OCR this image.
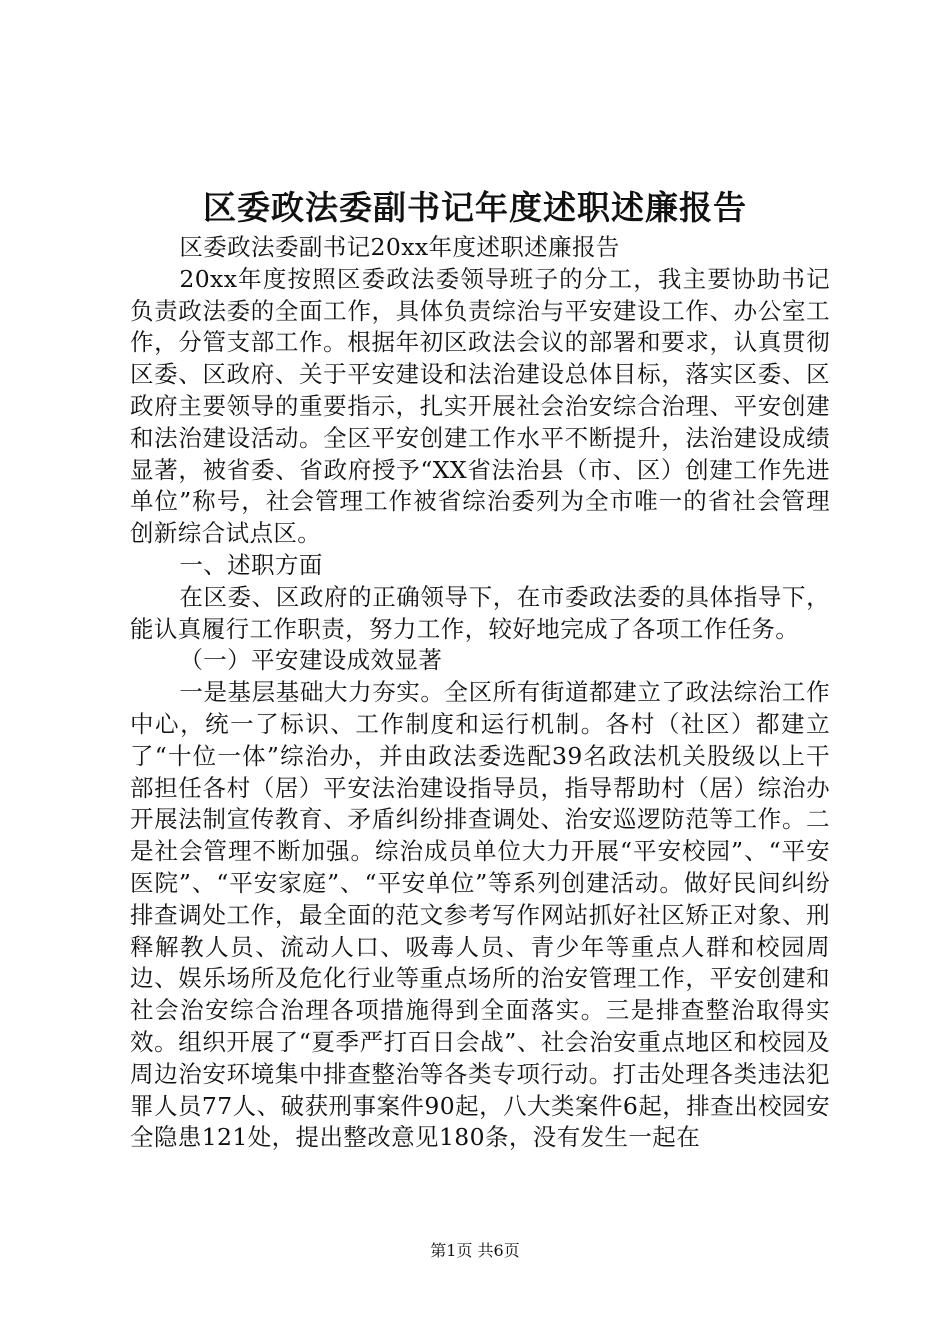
区委政法委副书记年度述职述廉报告

区委政法委副书记20xx年度述职述廉报告

20xx年度按照区委政法委领导班子的分工，我主要协助书记负责政法委的全面工作，具体负责综治与平安建设工作、办公室工作，分管支部工作。根据年初区政法会议的部署和要求，认真贯彻区委、区政府、关于平安建设和法治建设总体目标，落实区委、区政府主要领导的重要指示，扎实开展社会治安综合治理、平安创建和法治建设活动。全区平安创建工作水平不断提升，法治建设成绩显著，被省委、省政府授予“XX省法治县（市、区）创建工作先进单位”称号，社会管理工作被省综治委列为全市唯一的省社会管理创新综合试点区。

一、述职方面

在区委、区政府的正确领导下，在市委政法委的具体指导下，能认真履行工作职责，努力工作，较好地完成了各项工作任务。

（一）平安建设成效显著

一是基层基础大力夯实。全区所有街道都建立了政法综治工作中心，统一了标识、工作制度和运行机制。各村（社区）都建立了“十位一体”综治办，并由政法委选配39名政法机关股级以上干部担任各村（居）平安法治建设指导员，指导帮助村（居）综治办开展法制宣传教育、矛盾纠纷排查调处、治安巡逻防范等工作。二是社会管理不断加强。综治成员单位大力开展“平安校园”、“平安医院”、“平安家庭”、“平安单位”等系列创建活动。做好民间纠纷排查调处工作，最全面的范文参考写作网站抓好社区矫正对象、刑释解教人员、流动人口、吸毒人员、青少年等重点人群和校园周边、娱乐场所及危化行业等重点场所的治安管理工作，平安创建和社会治安综合治理各项措施得到全面落实。三是排查整治取得实效。组织开展了“夏季严打百日会战”、社会治安重点地区和校园及周边治安环境集中排查整治等各类专项行动。打击处理各类违法犯罪人员77人、破获刑事案件90起，八大类案件6起，排查出校园安全隐患121处，提出整改意见180条，没有发生一起在

第1页 共6页
